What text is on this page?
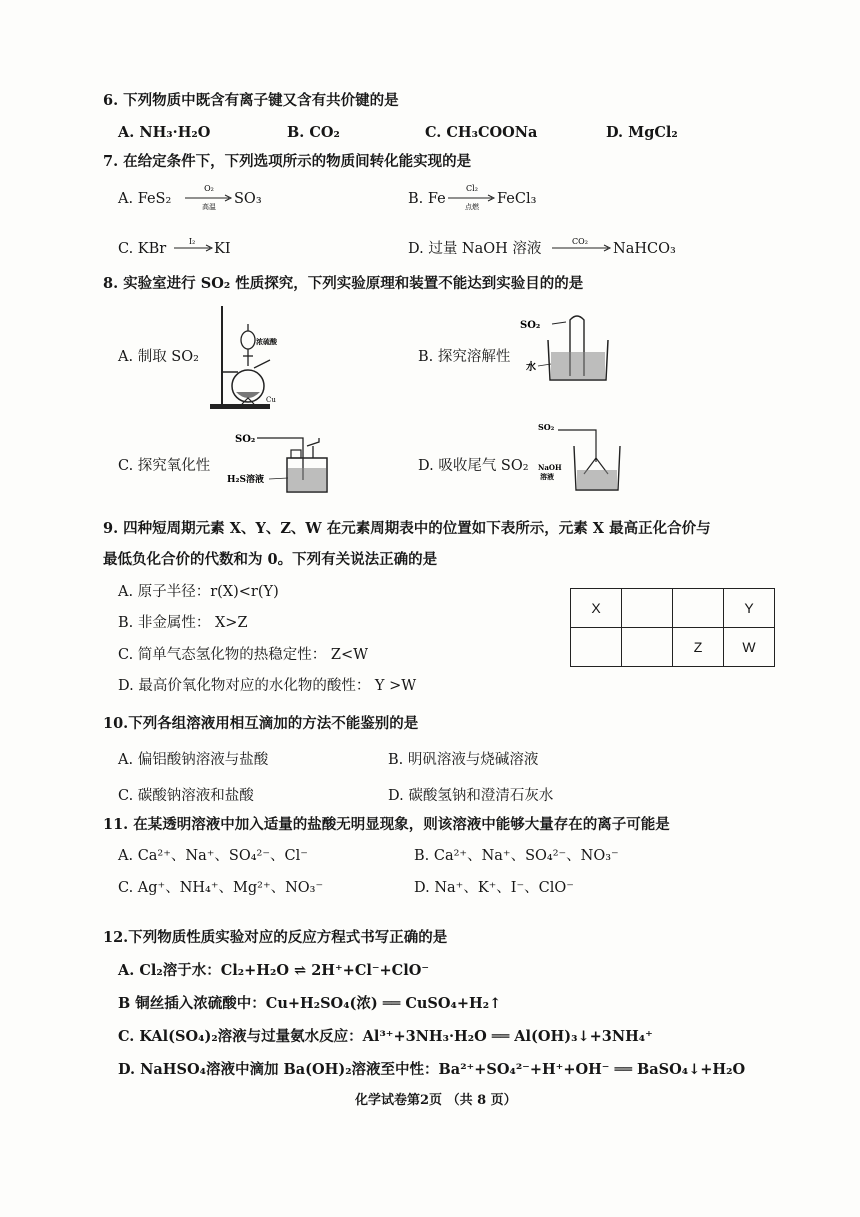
6. 下列物质中既含有离子键又含有共价键的是
A. NH₃·H₂O	B. CO₂	C. CH₃COONa	D. MgCl₂
7. 在给定条件下，下列选项所示的物质间转化能实现的是
A. FeS₂
O₂
高温 SO₃	B. Fe
Cl₂
点燃 FeCl₃
C. KBr	I₂ KI	D. 过量 NaOH 溶液	CO₂ NaHCO₃
8. 实验室进行 SO₂ 性质探究，下列实验原理和装置不能达到实验目的的是
A. 制取 SO₂
浓硫酸
Cu
B. 探究溶解性
SO₂
水
C. 探究氧化性
SO₂
H₂S溶液
D. 吸收尾气 SO₂
SO₂
NaOH
溶液
9. 四种短周期元素 X、Y、Z、W 在元素周期表中的位置如下表所示，元素 X 最高正化合价与
最低负化合价的代数和为 0。下列有关说法正确的是
A. 原子半径：r(X)<r(Y)
B. 非金属性： X>Z
C. 简单气态氢化物的热稳定性： Z<W
D. 最高价氧化物对应的水化物的酸性： Y >W
X			Y
		Z	W
10.下列各组溶液用相互滴加的方法不能鉴别的是
A. 偏铝酸钠溶液与盐酸	B. 明矾溶液与烧碱溶液
C. 碳酸钠溶液和盐酸	D. 碳酸氢钠和澄清石灰水
11. 在某透明溶液中加入适量的盐酸无明显现象，则该溶液中能够大量存在的离子可能是
A. Ca²⁺、Na⁺、SO₄²⁻、Cl⁻	B. Ca²⁺、Na⁺、SO₄²⁻、NO₃⁻
C. Ag⁺、NH₄⁺、Mg²⁺、NO₃⁻	D. Na⁺、K⁺、I⁻、ClO⁻
12.下列物质性质实验对应的反应方程式书写正确的是
A. Cl₂溶于水：Cl₂+H₂O ⇌ 2H⁺+Cl⁻+ClO⁻
B 铜丝插入浓硫酸中：Cu+H₂SO₄(浓) ══ CuSO₄+H₂↑
C. KAl(SO₄)₂溶液与过量氨水反应：Al³⁺+3NH₃·H₂O ══ Al(OH)₃↓+3NH₄⁺
D. NaHSO₄溶液中滴加 Ba(OH)₂溶液至中性：Ba²⁺+SO₄²⁻+H⁺+OH⁻ ══ BaSO₄↓+H₂O
化学试卷第2页 （共 8 页）
